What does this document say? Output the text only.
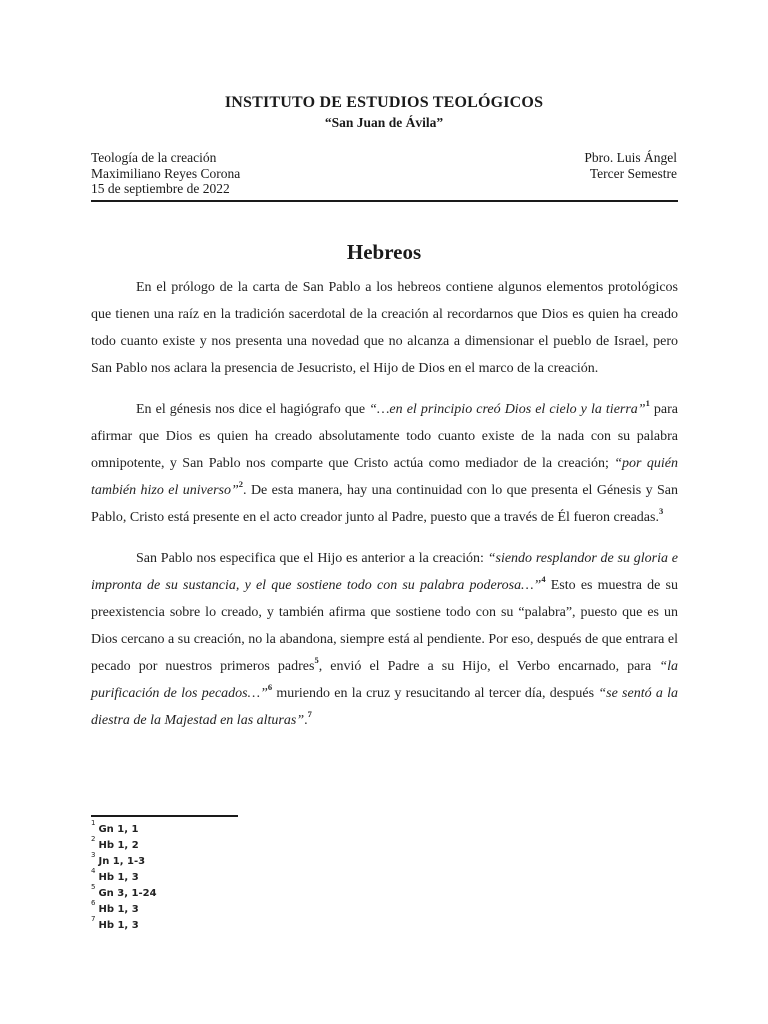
INSTITUTO DE ESTUDIOS TEOLÓGICOS
“San Juan de Ávila”
Teología de la creación	Pbro. Luis Ángel
Maximiliano Reyes Corona	Tercer Semestre
15 de septiembre de 2022
Hebreos

En el prólogo de la carta de San Pablo a los hebreos contiene algunos elementos protológicos que tienen una raíz en la tradición sacerdotal de la creación al recordarnos que Dios es quien ha creado todo cuanto existe y nos presenta una novedad que no alcanza a dimensionar el pueblo de Israel, pero San Pablo nos aclara la presencia de Jesucristo, el Hijo de Dios en el marco de la creación.

En el génesis nos dice el hagiógrafo que “…en el principio creó Dios el cielo y la tierra”$^1$ para afirmar que Dios es quien ha creado absolutamente todo cuanto existe de la nada con su palabra omnipotente, y San Pablo nos comparte que Cristo actúa como mediador de la creación; “por quién también hizo el universo”$^2$. De esta manera, hay una continuidad con lo que presenta el Génesis y San Pablo, Cristo está presente en el acto creador junto al Padre, puesto que a través de Él fueron creadas.$^3$

San Pablo nos especifica que el Hijo es anterior a la creación: “siendo resplandor de su gloria e impronta de su sustancia, y el que sostiene todo con su palabra poderosa…”$^4$ Esto es muestra de su preexistencia sobre lo creado, y también afirma que sostiene todo con su “palabra”, puesto que es un Dios cercano a su creación, no la abandona, siempre está al pendiente. Por eso, después de que entrara el pecado por nuestros primeros padres$^5$, envió el Padre a su Hijo, el Verbo encarnado, para “la purificación de los pecados…”$^6$ muriendo en la cruz y resucitando al tercer día, después “se sentó a la diestra de la Majestad en las alturas”.$^7$

$^1$Gn 1, 1
$^2$Hb 1, 2
$^3$Jn 1, 1-3
$^4$Hb 1, 3
$^5$Gn 3, 1-24
$^6$Hb 1, 3
$^7$Hb 1, 3
